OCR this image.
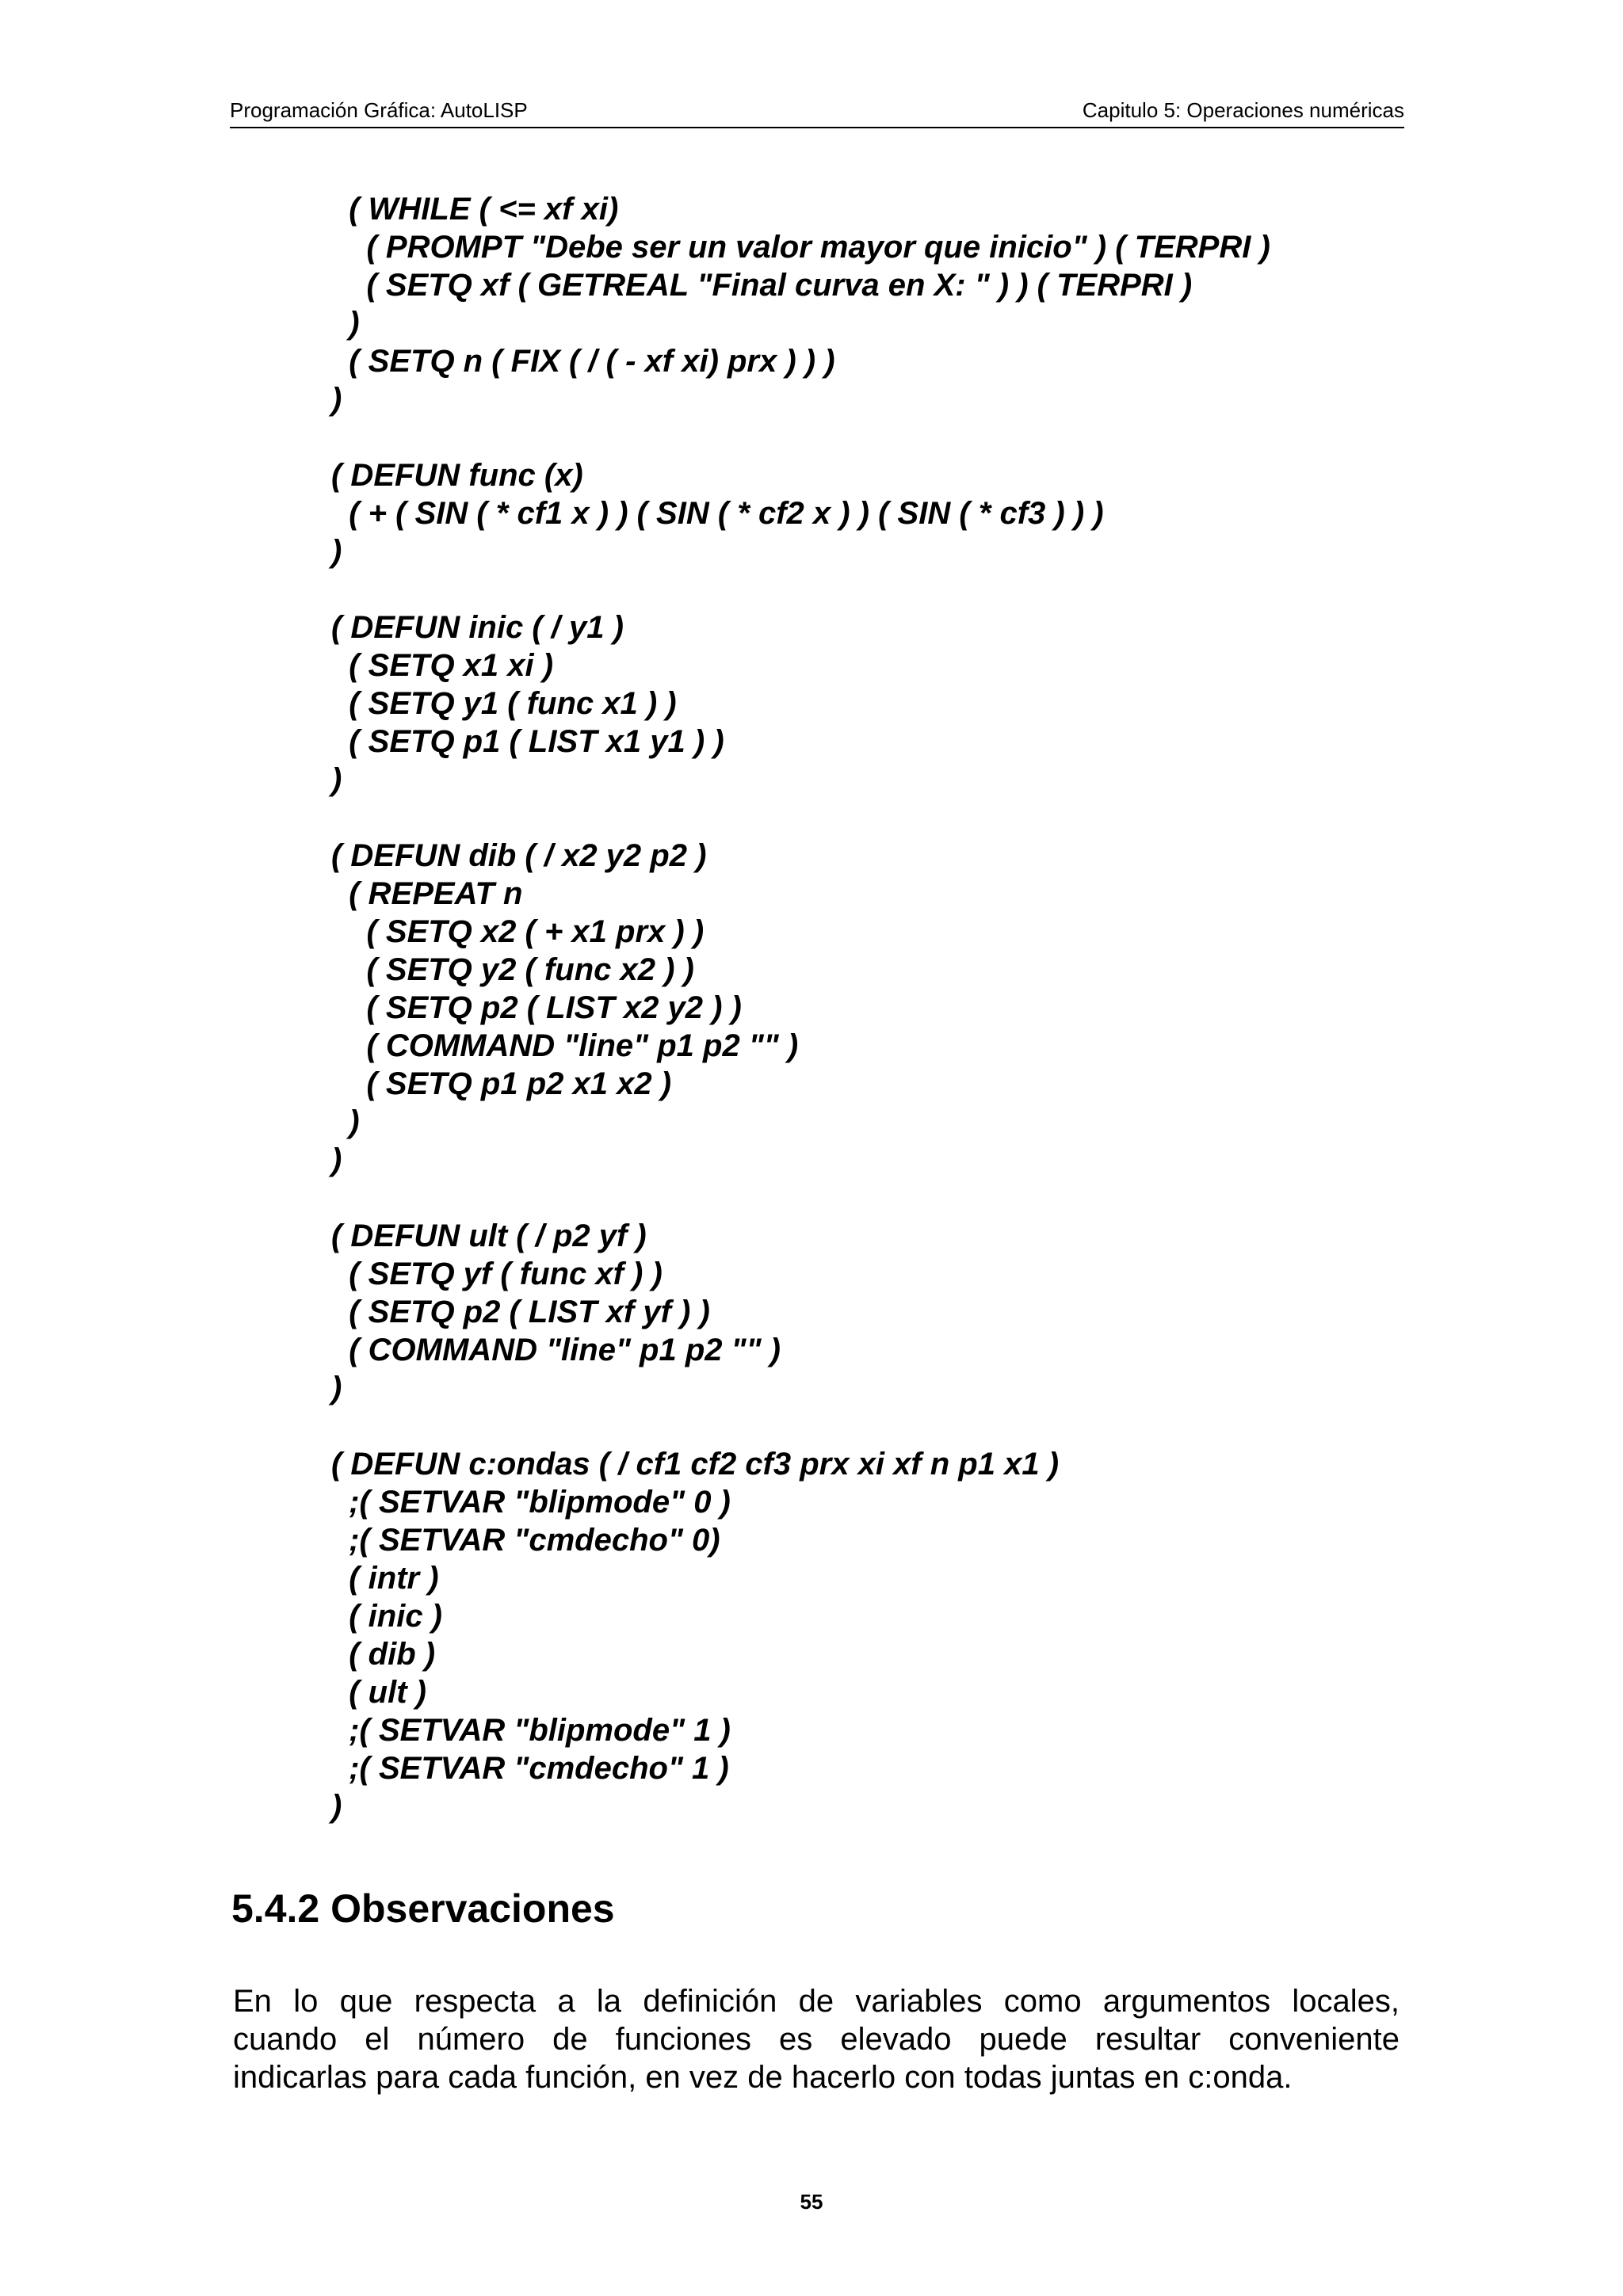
Programación Gráfica: AutoLISP	Capitulo 5: Operaciones numéricas
( WHILE ( <= xf xi)
( PROMPT "Debe ser un valor mayor que inicio" ) ( TERPRI )
( SETQ xf ( GETREAL "Final curva en X: " ) ) ( TERPRI )
)
( SETQ n ( FIX ( / ( - xf xi) prx ) ) )
)
( DEFUN func (x)
( + ( SIN ( * cf1 x ) ) ( SIN ( * cf2 x ) ) ( SIN ( * cf3 ) ) )
)
( DEFUN inic ( / y1 )
( SETQ x1 xi )
( SETQ y1 ( func x1 ) )
( SETQ p1 ( LIST x1 y1 ) )
)
( DEFUN dib ( / x2 y2 p2 )
( REPEAT n
( SETQ x2 ( + x1 prx ) )
( SETQ y2 ( func x2 ) )
( SETQ p2 ( LIST x2 y2 ) )
( COMMAND "line" p1 p2 "" )
( SETQ p1 p2 x1 x2 )
)
)
( DEFUN ult ( / p2 yf )
( SETQ yf ( func xf ) )
( SETQ p2 ( LIST xf yf ) )
( COMMAND "line" p1 p2 "" )
)
( DEFUN c:ondas ( / cf1 cf2 cf3 prx xi xf n p1 x1 )
;( SETVAR "blipmode" 0 )
;( SETVAR "cmdecho" 0)
( intr )
( inic )
( dib )
( ult )
;( SETVAR "blipmode" 1 )
;( SETVAR "cmdecho" 1 )
)
5.4.2 Observaciones
En lo que respecta a la definición de variables como argumentos locales,
cuando el número de funciones es elevado puede resultar conveniente
indicarlas para cada función, en vez de hacerlo con todas juntas en c:onda.
55
